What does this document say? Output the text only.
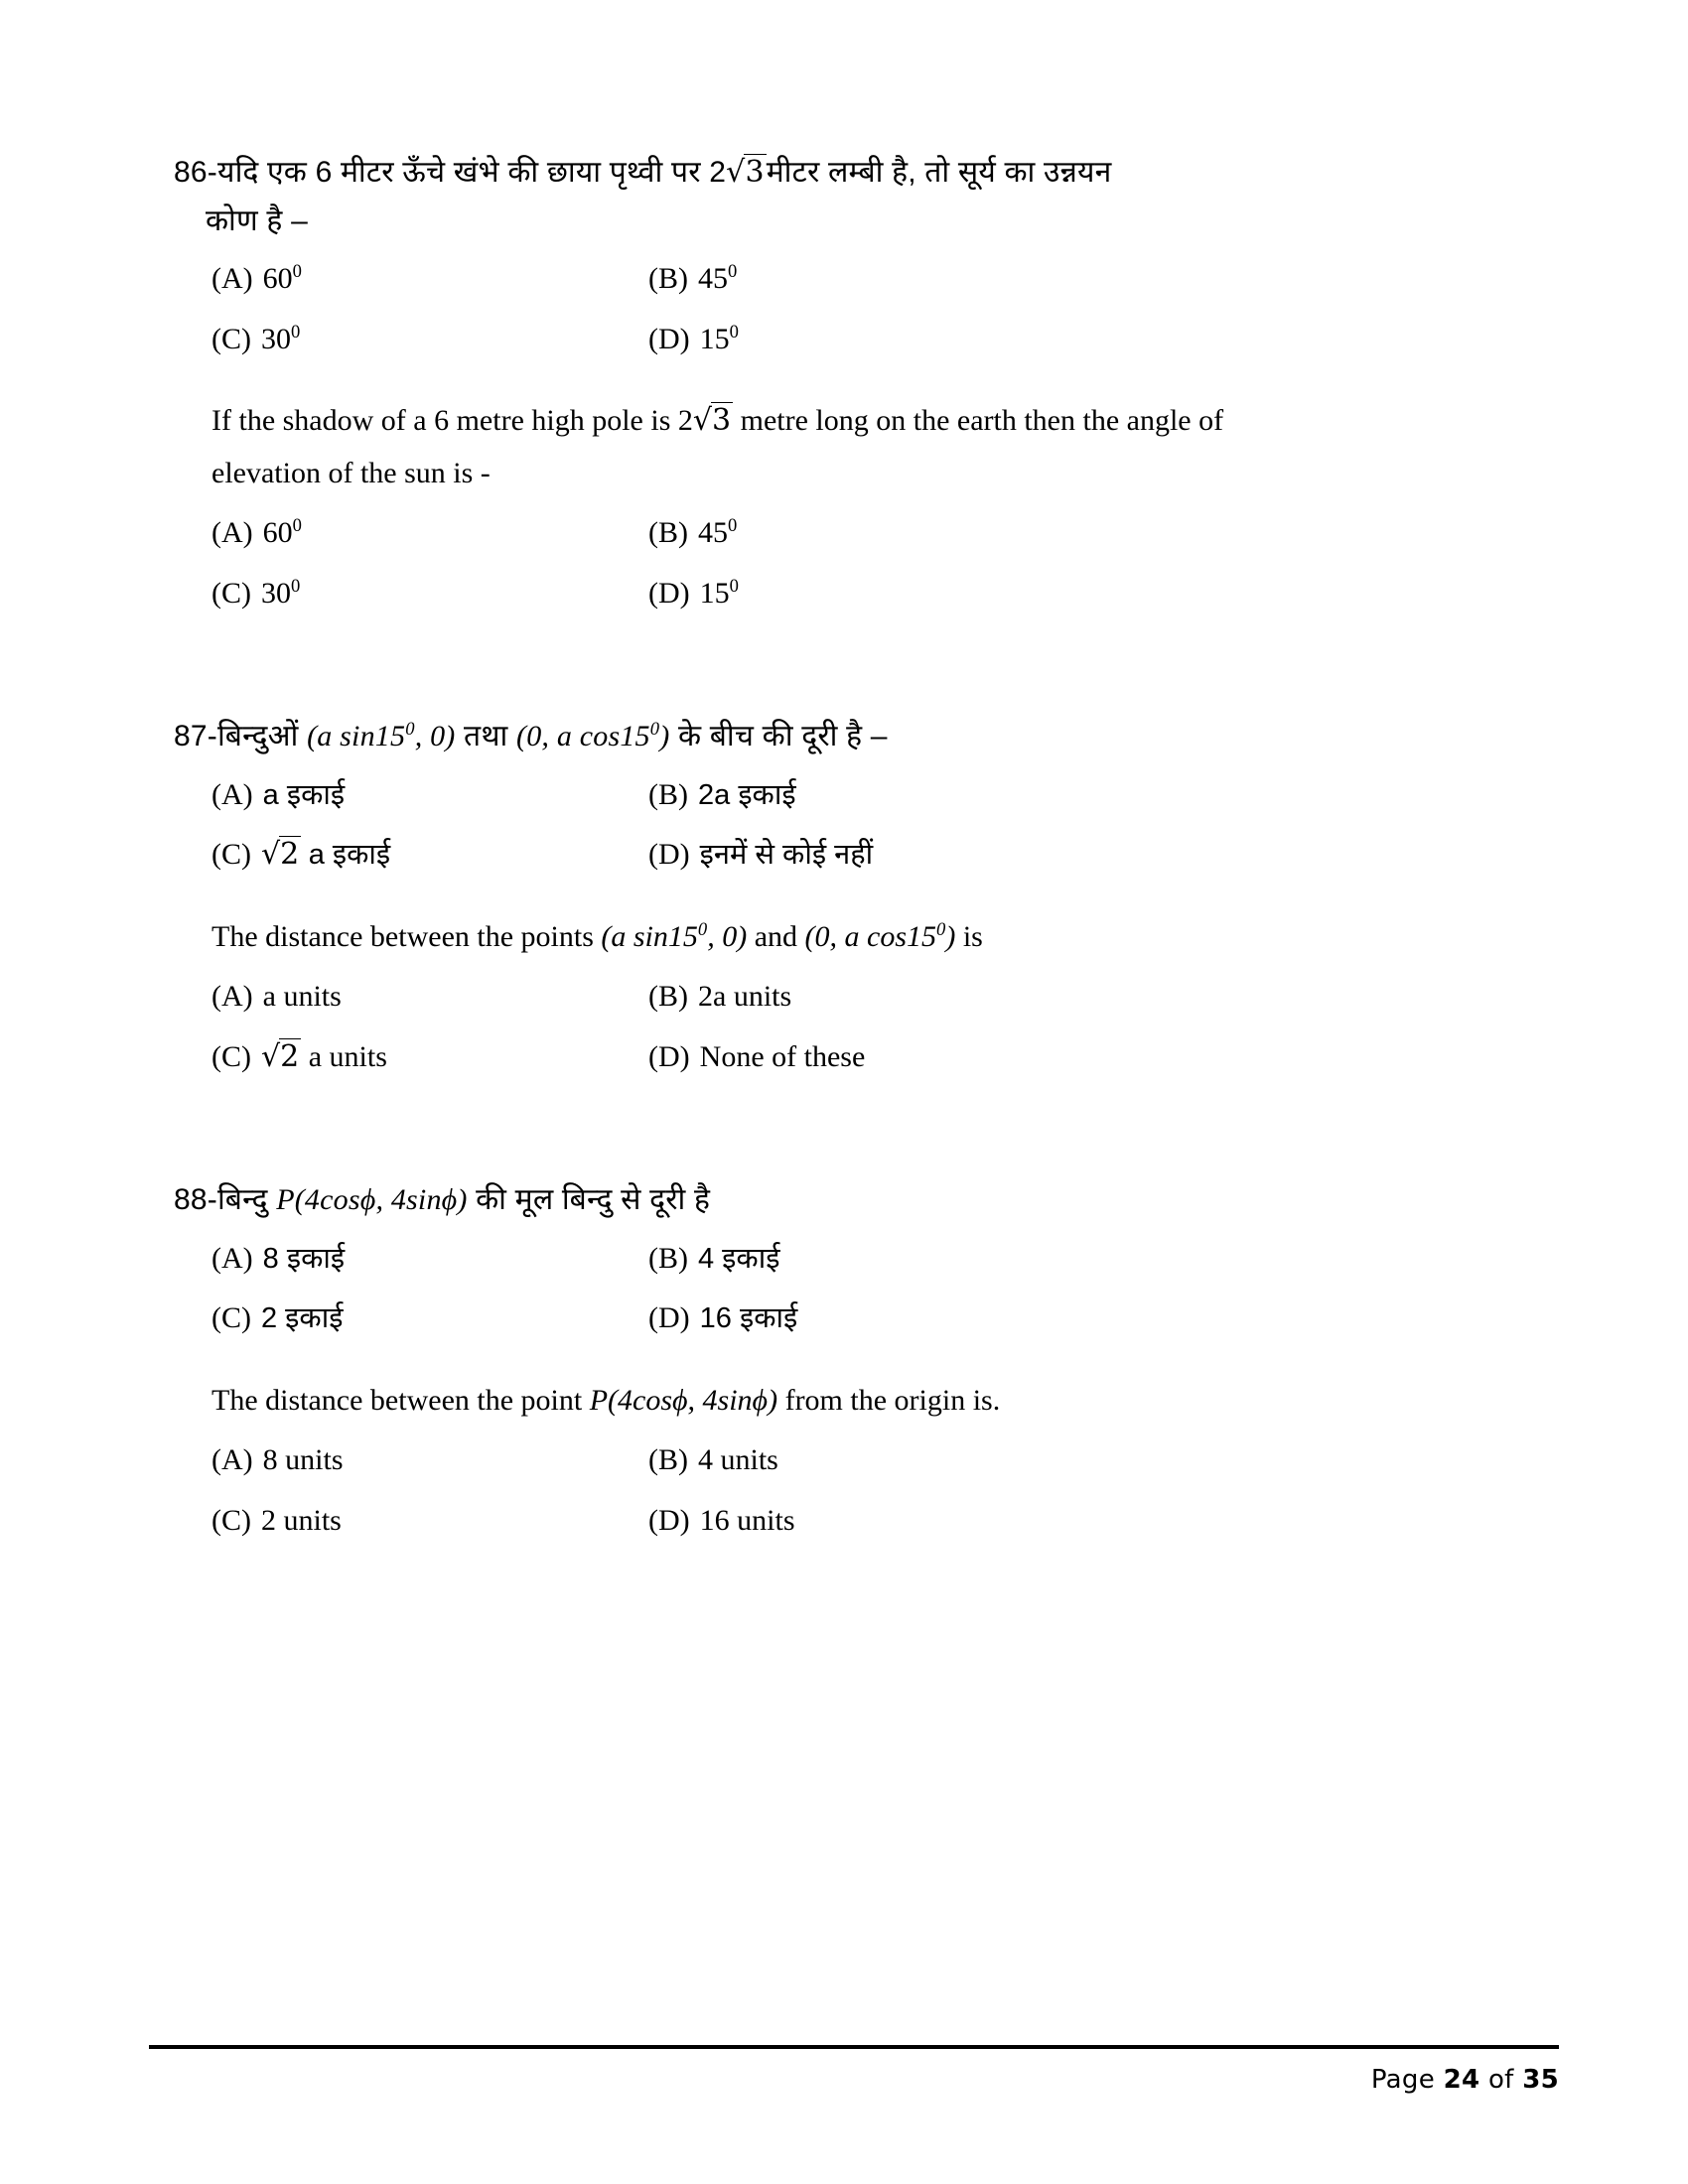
86-यदि एक 6 मीटर ऊँचे खंभे की छाया पृथ्वी पर 2√3मीटर लम्बी है, तो सूर्य का उन्नयन
कोण है –

(A) $60^0$	(B) $45^0$
(C) $30^0$	(D) $15^0$

If the shadow of a 6 metre high pole is 2√3 metre long on the earth then the angle of elevation of the sun is -

(A) $60^0$	(B) $45^0$
(C) $30^0$	(D) $15^0$

87-बिन्दुओं (a $\sin 15^0$, 0) तथा (0, a $\cos 15^0$) के बीच की दूरी है –

(A) a इकाई	(B) 2a इकाई
(C) √2 a इकाई	(D) इनमें से कोई नहीं

The distance between the points (a $\sin 15^0$, 0) and (0, a $\cos 15^0$) is

(A) a units	(B) 2a units
(C) √2 a units	(D) None of these

88-बिन्दु P(4cosϕ, 4sinϕ) की मूल बिन्दु से दूरी है

(A) 8 इकाई	(B) 4 इकाई
(C) 2 इकाई	(D) 16 इकाई

The distance between the point P(4cosϕ, 4sinϕ) from the origin is.

(A) 8 units	(B) 4 units
(C) 2 units	(D) 16 units
Page 24 of 35
